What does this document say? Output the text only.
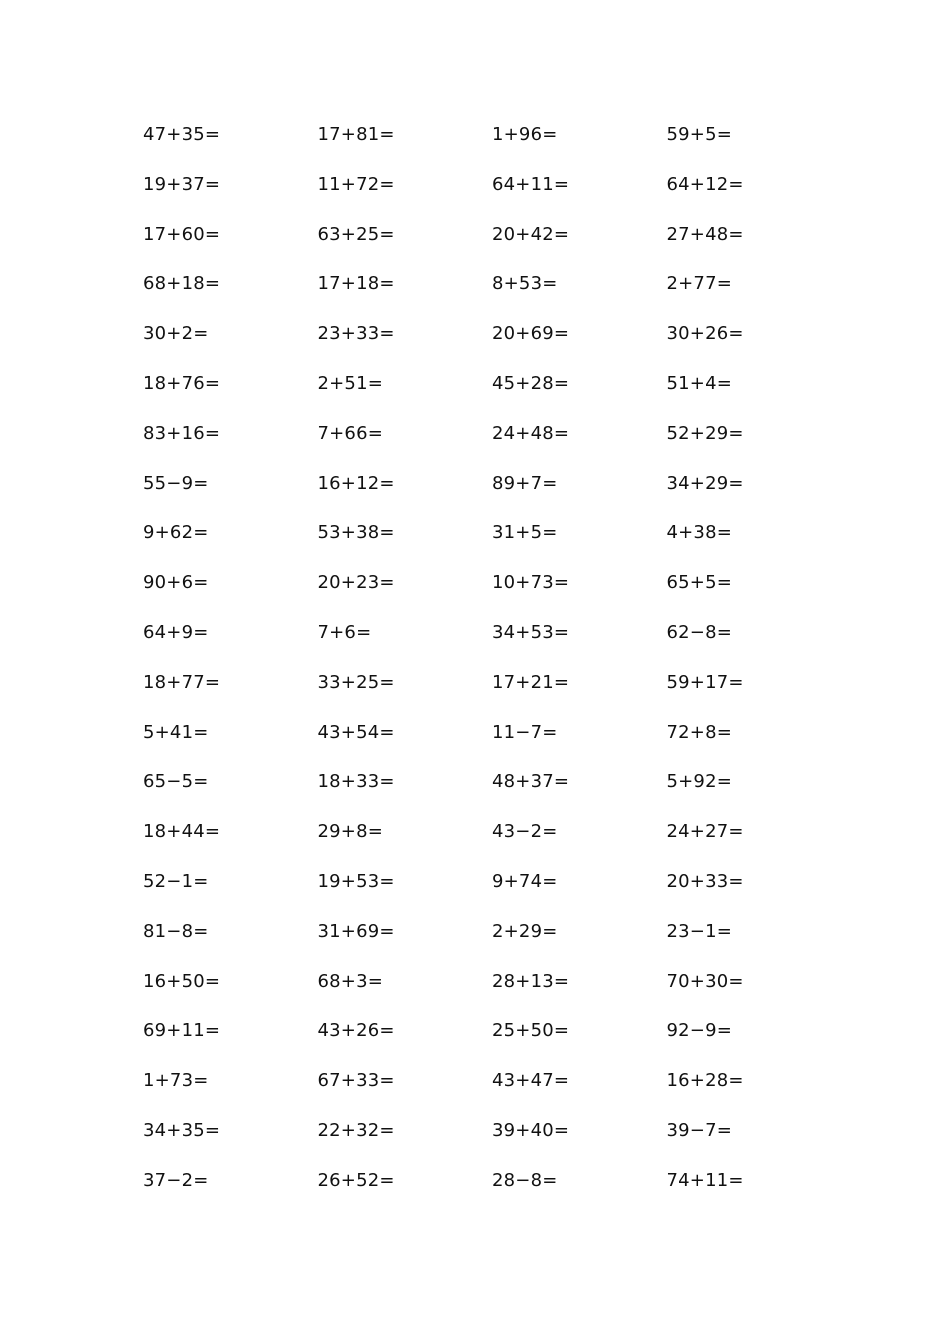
47+35=	17+81=	1+96=	59+5=
19+37=	11+72=	64+11=	64+12=
17+60=	63+25=	20+42=	27+48=
68+18=	17+18=	8+53=	2+77=
30+2=	23+33=	20+69=	30+26=
18+76=	2+51=	45+28=	51+4=
83+16=	7+66=	24+48=	52+29=
55−9=	16+12=	89+7=	34+29=
9+62=	53+38=	31+5=	4+38=
90+6=	20+23=	10+73=	65+5=
64+9=	7+6=	34+53=	62−8=
18+77=	33+25=	17+21=	59+17=
5+41=	43+54=	11−7=	72+8=
65−5=	18+33=	48+37=	5+92=
18+44=	29+8=	43−2=	24+27=
52−1=	19+53=	9+74=	20+33=
81−8=	31+69=	2+29=	23−1=
16+50=	68+3=	28+13=	70+30=
69+11=	43+26=	25+50=	92−9=
1+73=	67+33=	43+47=	16+28=
34+35=	22+32=	39+40=	39−7=
37−2=	26+52=	28−8=	74+11=
